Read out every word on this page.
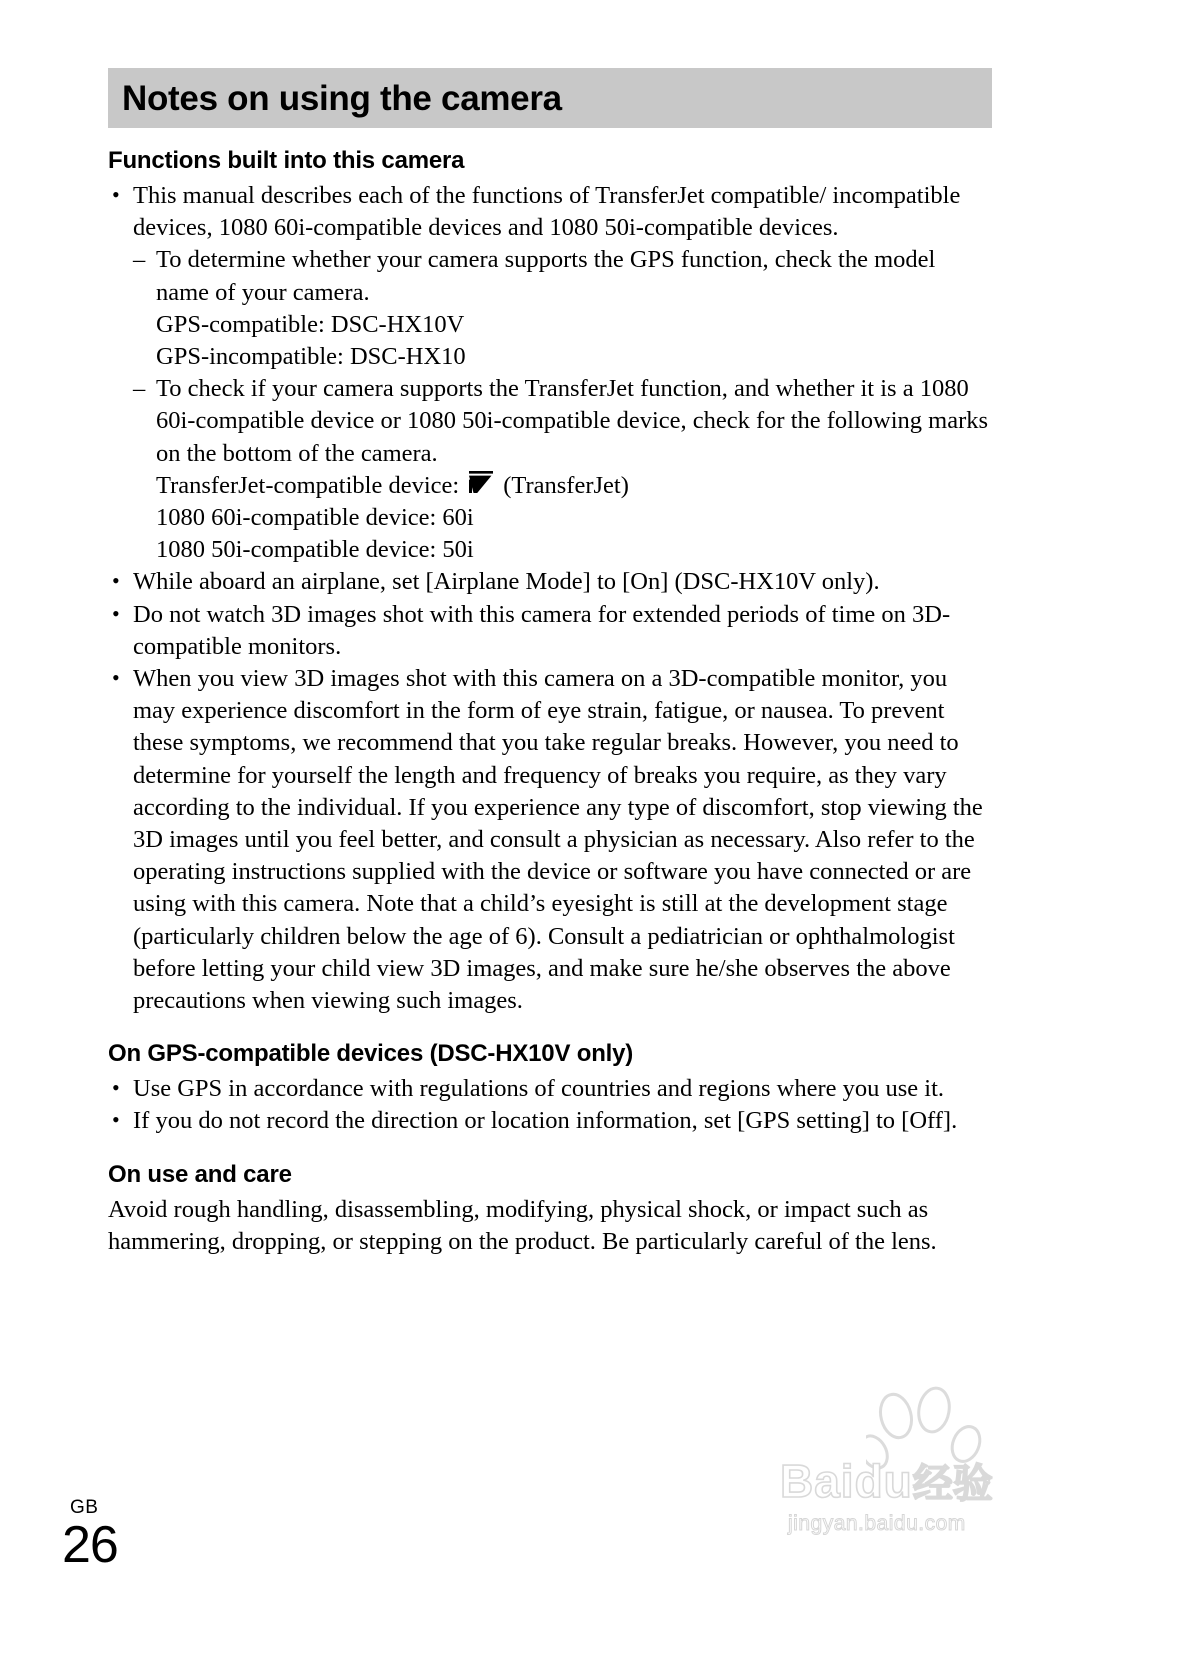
Notes on using the camera
Functions built into this camera
• This manual describes each of the functions of TransferJet compatible/ incompatible devices, 1080 60i-compatible devices and 1080 50i-compatible devices.
– To determine whether your camera supports the GPS function, check the model name of your camera.
GPS-compatible: DSC-HX10V
GPS-incompatible: DSC-HX10
– To check if your camera supports the TransferJet function, and whether it is a 1080 60i-compatible device or 1080 50i-compatible device, check for the following marks on the bottom of the camera.
TransferJet-compatible device: (TransferJet)
1080 60i-compatible device: 60i
1080 50i-compatible device: 50i
• While aboard an airplane, set [Airplane Mode] to [On] (DSC-HX10V only).
• Do not watch 3D images shot with this camera for extended periods of time on 3D-compatible monitors.
• When you view 3D images shot with this camera on a 3D-compatible monitor, you may experience discomfort in the form of eye strain, fatigue, or nausea. To prevent these symptoms, we recommend that you take regular breaks. However, you need to determine for yourself the length and frequency of breaks you require, as they vary according to the individual. If you experience any type of discomfort, stop viewing the 3D images until you feel better, and consult a physician as necessary. Also refer to the operating instructions supplied with the device or software you have connected or are using with this camera. Note that a child’s eyesight is still at the development stage (particularly children below the age of 6). Consult a pediatrician or ophthalmologist before letting your child view 3D images, and make sure he/she observes the above precautions when viewing such images.
On GPS-compatible devices (DSC-HX10V only)
• Use GPS in accordance with regulations of countries and regions where you use it.
• If you do not record the direction or location information, set [GPS setting] to [Off].
On use and care

Avoid rough handling, disassembling, modifying, physical shock, or impact such as hammering, dropping, or stepping on the product. Be particularly careful of the lens.

GB
26
Baidu经验
jingyan.baidu.com
